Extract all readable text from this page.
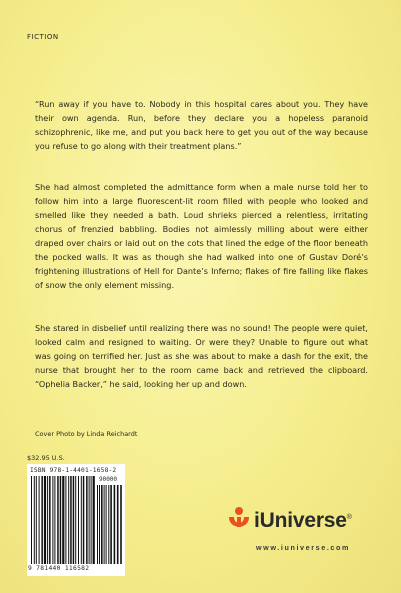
FICTION

“Run away if you have to. Nobody in this hospital cares about you. They have their own agenda. Run, before they declare you a hopeless paranoid schizophrenic, like me, and put you back here to get you out of the way because you refuse to go along with their treatment plans.”

She had almost completed the admittance form when a male nurse told her to follow him into a large fluorescent-lit room filled with people who looked and smelled like they needed a bath. Loud shrieks pierced a relentless, irritating chorus of frenzied babbling. Bodies not aimlessly milling about were either draped over chairs or laid out on the cots that lined the edge of the floor beneath the pocked walls. It was as though she had walked into one of Gustav Doré’s frightening illustrations of Hell for Dante’s Inferno; flakes of fire falling like flakes of snow the only element missing.

She stared in disbelief until realizing there was no sound! The people were quiet, looked calm and resigned to waiting. Or were they? Unable to figure out what was going on terrified her. Just as she was about to make a dash for the exit, the nurse that brought her to the room came back and retrieved the clipboard. “Ophelia Backer,” he said, looking her up and down.

Cover Photo by Linda Reichardt
$32.95 U.S.
ISBN 978-1-4401-1658-2
90000
9 781440 116582
iUniverse®
www.iuniverse.com
